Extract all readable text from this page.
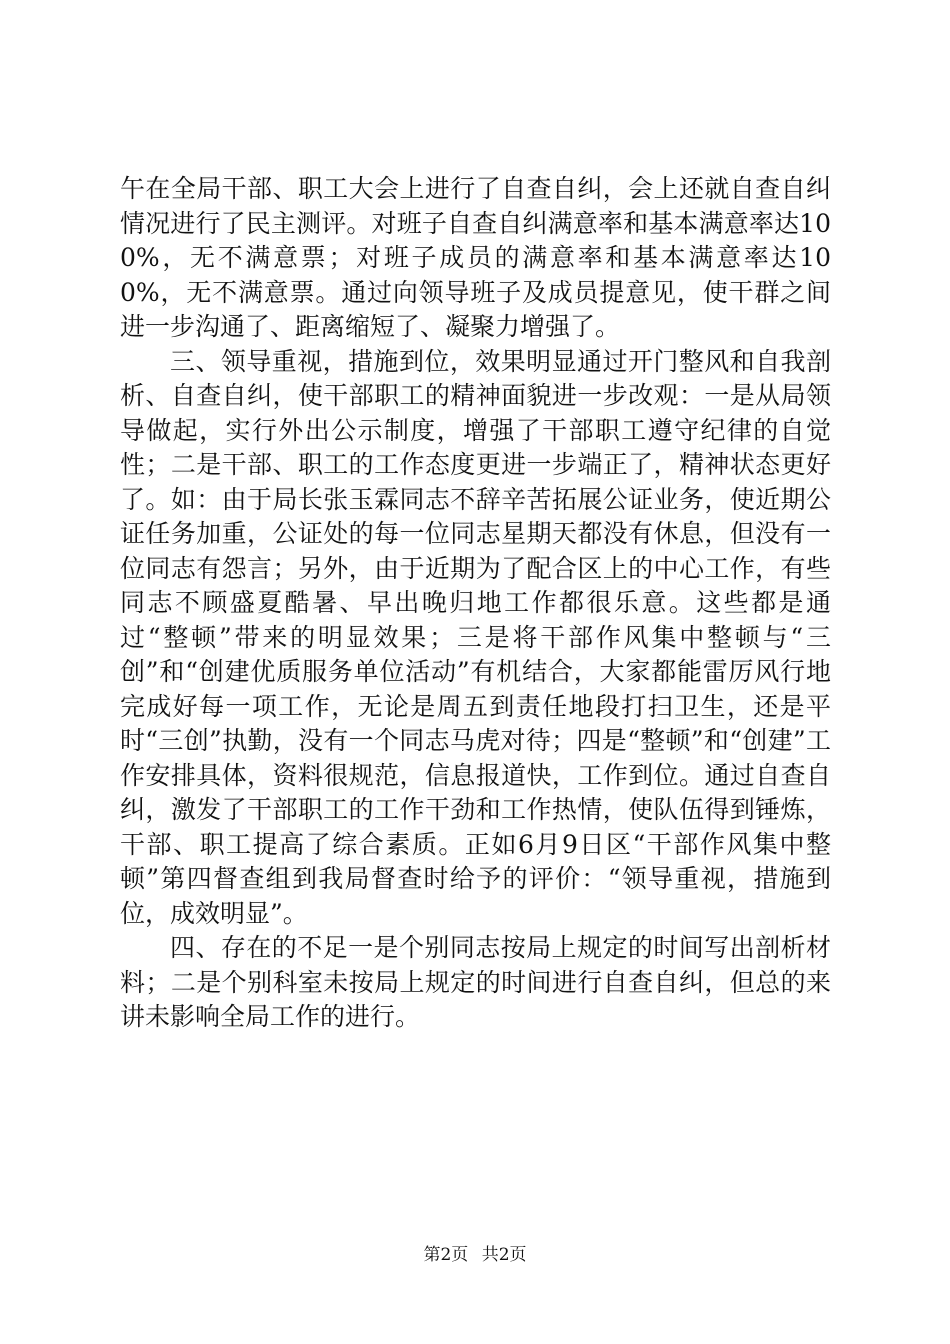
午在全局干部、职工大会上进行了自查自纠，会上还就自查自纠情况进行了民主测评。对班子自查自纠满意率和基本满意率达100%，无不满意票；对班子成员的满意率和基本满意率达100%，无不满意票。通过向领导班子及成员提意见，使干群之间进一步沟通了、距离缩短了、凝聚力增强了。

三、领导重视，措施到位，效果明显通过开门整风和自我剖析、自查自纠，使干部职工的精神面貌进一步改观：一是从局领导做起，实行外出公示制度，增强了干部职工遵守纪律的自觉性；二是干部、职工的工作态度更进一步端正了，精神状态更好了。如：由于局长张玉霖同志不辞辛苦拓展公证业务，使近期公证任务加重，公证处的每一位同志星期天都没有休息，但没有一位同志有怨言；另外，由于近期为了配合区上的中心工作，有些同志不顾盛夏酷暑、早出晚归地工作都很乐意。这些都是通过“整顿”带来的明显效果；三是将干部作风集中整顿与“三创”和“创建优质服务单位活动”有机结合，大家都能雷厉风行地完成好每一项工作，无论是周五到责任地段打扫卫生，还是平时“三创”执勤，没有一个同志马虎对待；四是“整顿”和“创建”工作安排具体，资料很规范，信息报道快，工作到位。通过自查自纠，激发了干部职工的工作干劲和工作热情，使队伍得到锤炼，干部、职工提高了综合素质。正如6月9日区“干部作风集中整顿”第四督查组到我局督查时给予的评价：“领导重视，措施到位，成效明显”。

四、存在的不足一是个别同志按局上规定的时间写出剖析材料；二是个别科室未按局上规定的时间进行自查自纠，但总的来讲未影响全局工作的进行。

第2页 共2页
